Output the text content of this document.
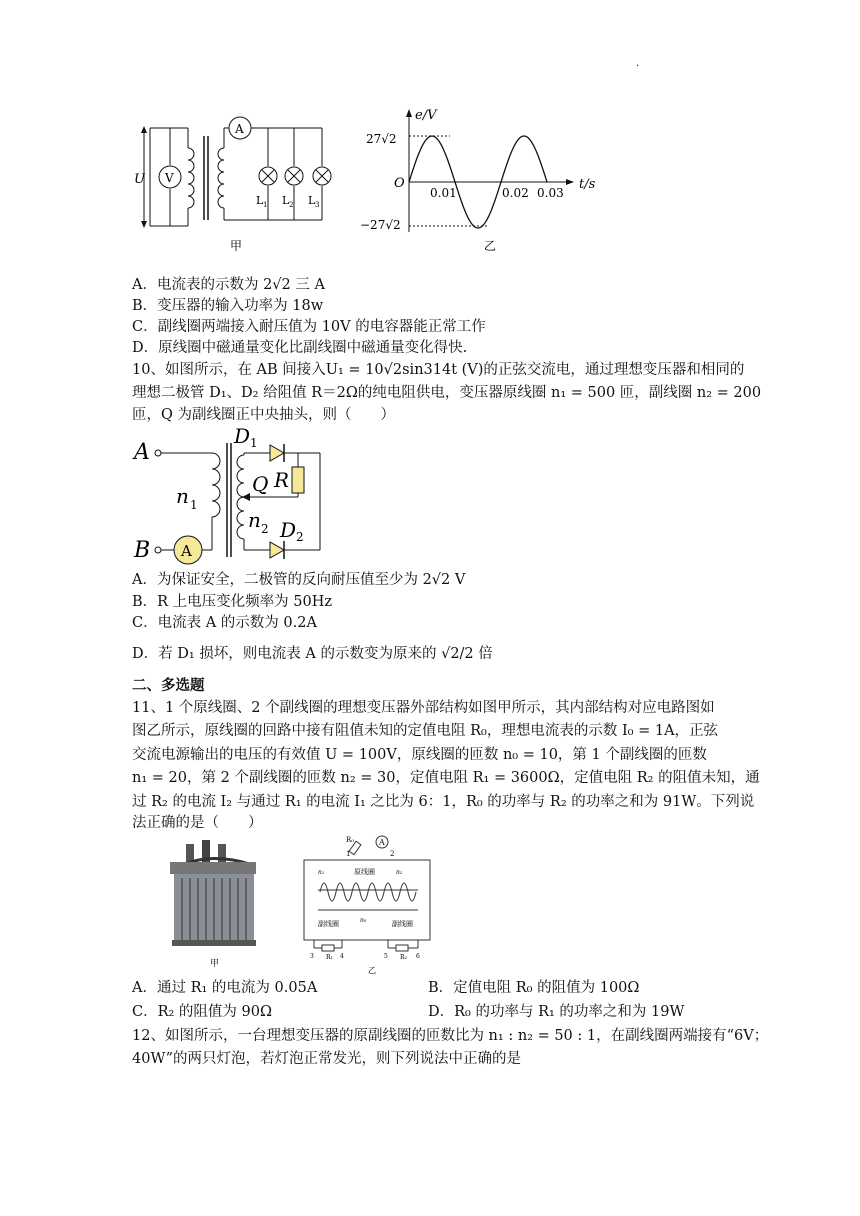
.
U V
A
L 1 L 2 L 3
甲
e/V
t/s
O
27√2
−27√2
0.01	0.02 0.03
乙
A．电流表的示数为 2√2 三 A
B．变压器的输入功率为 18w
C．副线圈两端接入耐压值为 10V 的电容器能正常工作
D．原线圈中磁通量变化比副线圈中磁通量变化得快.
10、如图所示，在 AB 间接入U₁ = 10√2sin314t (V)的正弦交流电，通过理想变压器和相同的
理想二极管 D₁、D₂ 给阻值 R＝2Ω的纯电阻供电，变压器原线圈 n₁ = 500 匝，副线圈 n₂ = 200
匝，Q 为副线圈正中央抽头，则（　　）
A
n 1
B A
D 1
D 2
R
Q
n 2
A．为保证安全，二极管的反向耐压值至少为 2√2 V
B．R 上电压变化频率为 50Hz
C．电流表 A 的示数为 0.2A
D．若 D₁ 损坏，则电流表 A 的示数变为原来的 √2/2 倍
二、多选题
11、1 个原线圈、2 个副线圈的理想变压器外部结构如图甲所示，其内部结构对应电路图如
图乙所示，原线圈的回路中接有阻值未知的定值电阻 R₀，理想电流表的示数 I₀ = 1A，正弦
交流电源输出的电压的有效值 U = 100V，原线圈的匝数 n₀ = 10，第 1 个副线圈的匝数
n₁ = 20，第 2 个副线圈的匝数 n₂ = 30，定值电阻 R₁ = 3600Ω，定值电阻 R₂ 的阻值未知，通
过 R₂ 的电流 I₂ 与通过 R₁ 的电流 I₁ 之比为 6：1，R₀ 的功率与 R₂ 的功率之和为 91W。下列说
法正确的是（　　）
甲
R₀	A
1	2
原线圈
n₁	n₂
n₀
副线圈	副线圈
3 R₁ 4	5 R₂ 6
乙
A．通过 R₁ 的电流为 0.05A	B．定值电阻 R₀ 的阻值为 100Ω
C．R₂ 的阻值为 90Ω	D．R₀ 的功率与 R₁ 的功率之和为 19W
12、如图所示，一台理想变压器的原副线圈的匝数比为 n₁ : n₂ = 50 : 1，在副线圈两端接有“6V；
40W”的两只灯泡，若灯泡正常发光，则下列说法中正确的是
